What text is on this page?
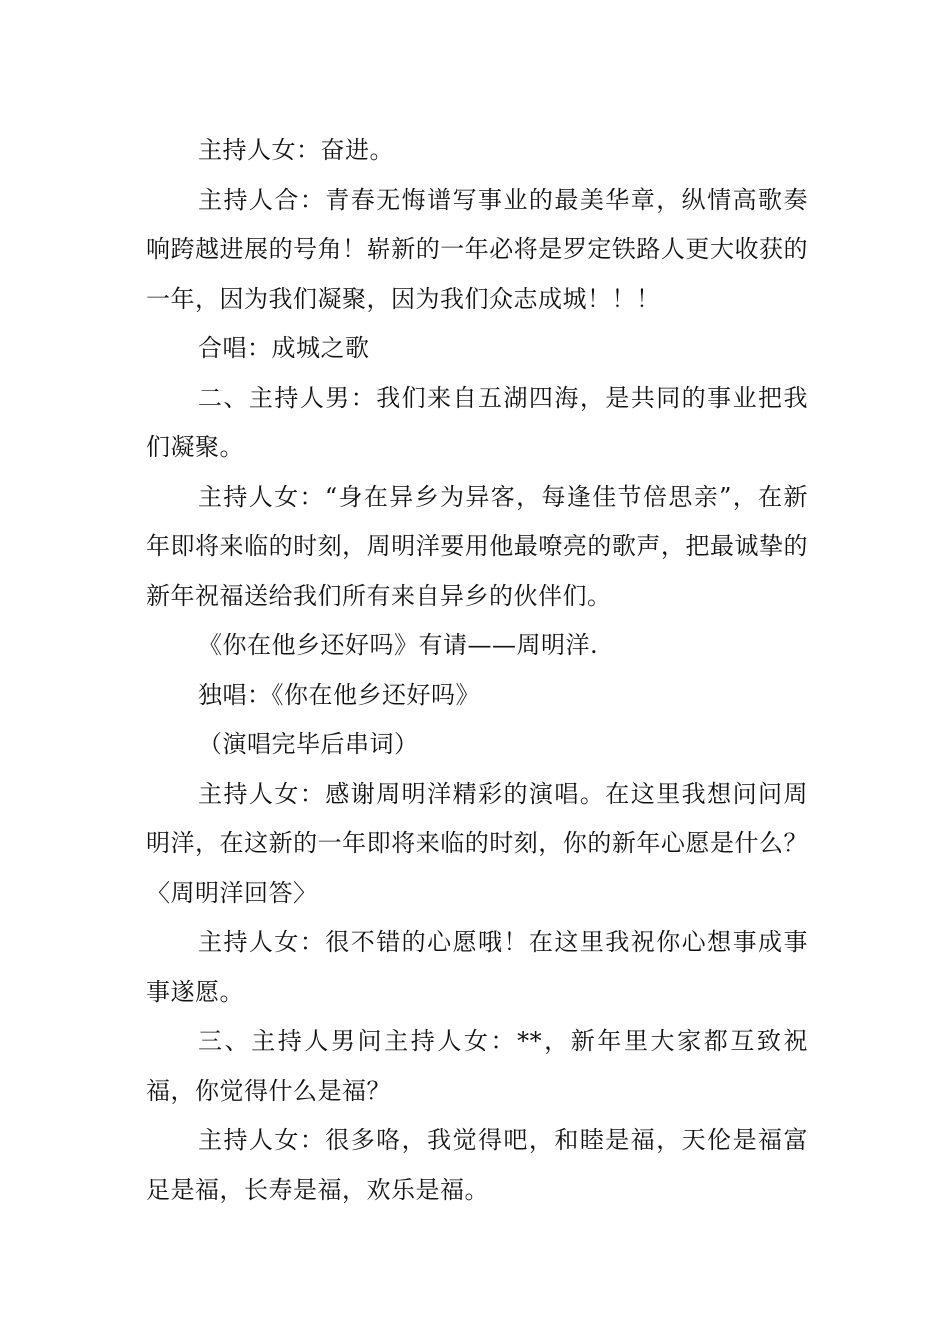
主持人女：奋进。

主持人合：青春无悔谱写事业的最美华章，纵情高歌奏响跨越进展的号角！崭新的一年必将是罗定铁路人更大收获的一年，因为我们凝聚，因为我们众志成城！！！

合唱：成城之歌

二、主持人男：我们来自五湖四海，是共同的事业把我们凝聚。

主持人女：“身在异乡为异客，每逢佳节倍思亲”，在新年即将来临的时刻，周明洋要用他最嘹亮的歌声，把最诚挚的新年祝福送给我们所有来自异乡的伙伴们。

《你在他乡还好吗》有请——周明洋.

独唱：《你在他乡还好吗》

（演唱完毕后串词）

主持人女：感谢周明洋精彩的演唱。在这里我想问问周明洋，在这新的一年即将来临的时刻，你的新年心愿是什么？〈周明洋回答〉

主持人女：很不错的心愿哦！在这里我祝你心想事成事事遂愿。

三、主持人男问主持人女：**，新年里大家都互致祝福，你觉得什么是福？

主持人女：很多咯，我觉得吧，和睦是福，天伦是福富足是福，长寿是福，欢乐是福。
